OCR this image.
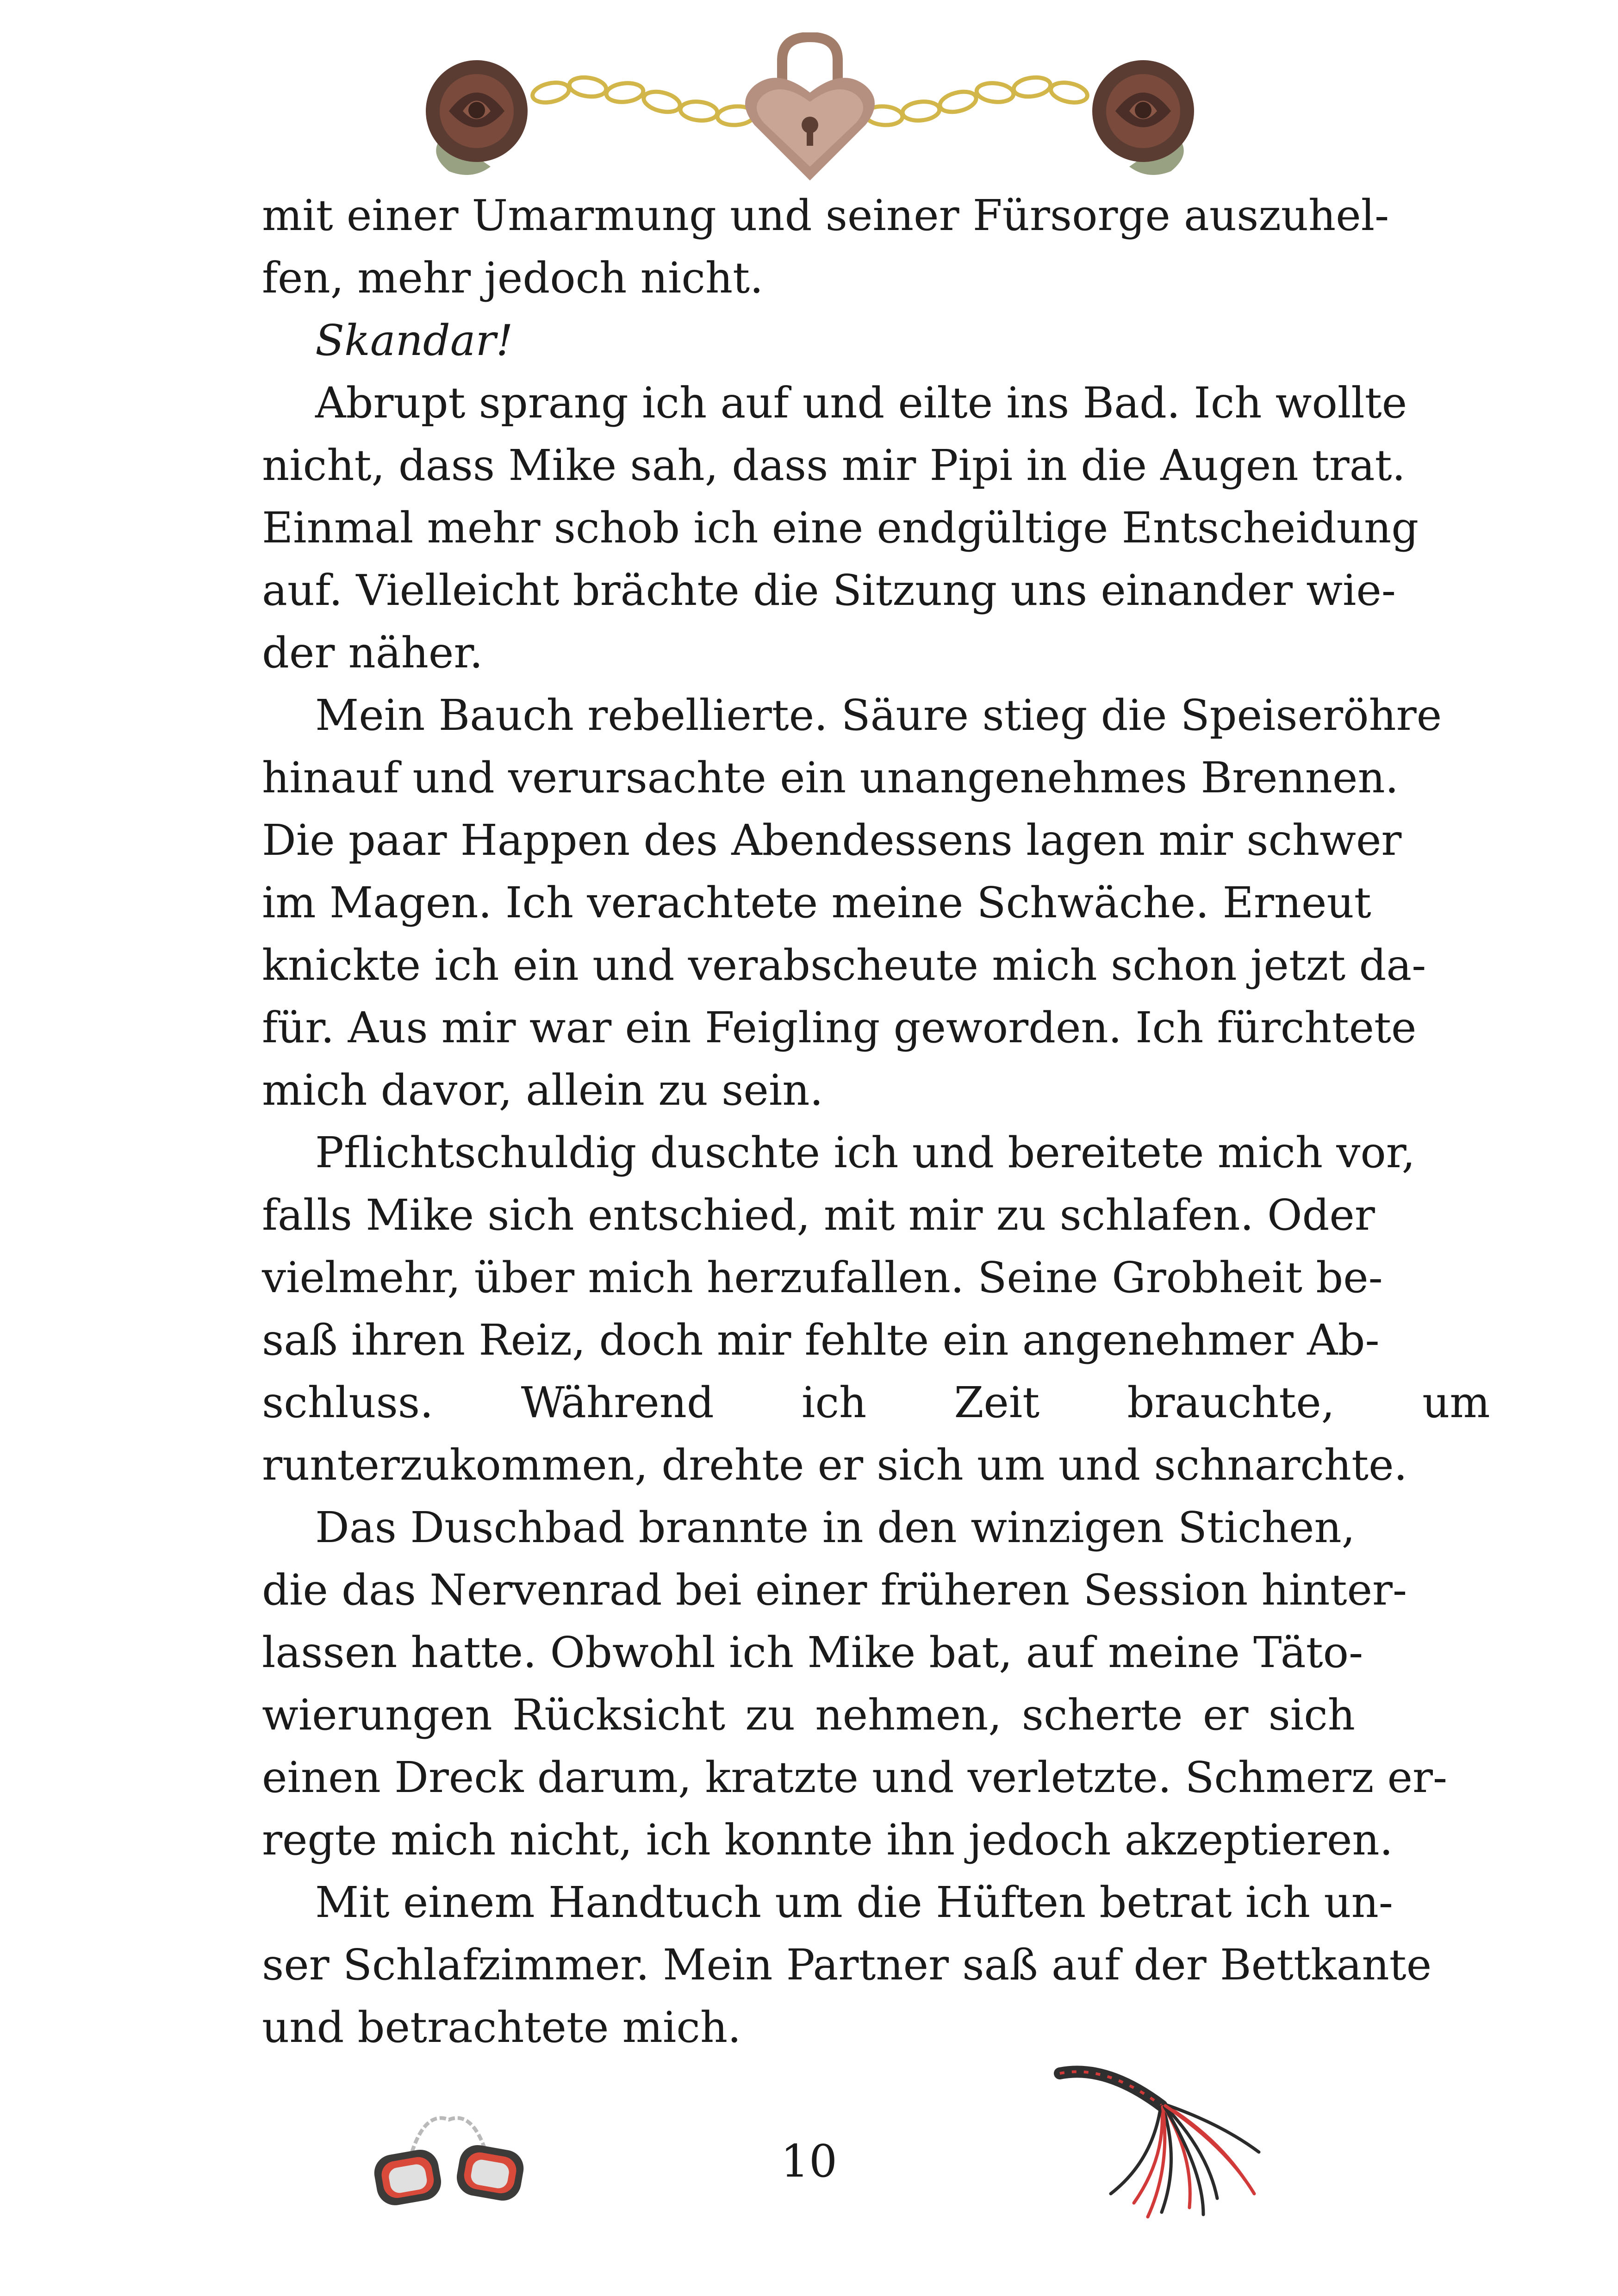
mit einer Umarmung und seiner Fürsorge auszuhel-
fen, mehr jedoch nicht.
Skandar!
Abrupt sprang ich auf und eilte ins Bad. Ich wollte
nicht, dass Mike sah, dass mir Pipi in die Augen trat.
Einmal mehr schob ich eine endgültige Entscheidung
auf. Vielleicht brächte die Sitzung uns einander wie-
der näher.
Mein Bauch rebellierte. Säure stieg die Speiseröhre
hinauf und verursachte ein unangenehmes Brennen.
Die paar Happen des Abendessens lagen mir schwer
im Magen. Ich verachtete meine Schwäche. Erneut
knickte ich ein und verabscheute mich schon jetzt da-
für. Aus mir war ein Feigling geworden. Ich fürchtete
mich davor, allein zu sein.
Pflichtschuldig duschte ich und bereitete mich vor,
falls Mike sich entschied, mit mir zu schlafen. Oder
vielmehr, über mich herzufallen. Seine Grobheit be-
saß ihren Reiz, doch mir fehlte ein angenehmer Ab-
schluss. Während ich Zeit brauchte, um
runterzukommen, drehte er sich um und schnarchte.
Das Duschbad brannte in den winzigen Stichen,
die das Nervenrad bei einer früheren Session hinter-
lassen hatte. Obwohl ich Mike bat, auf meine Täto-
wierungen Rücksicht zu nehmen, scherte er sich
einen Dreck darum, kratzte und verletzte. Schmerz er-
regte mich nicht, ich konnte ihn jedoch akzeptieren.
Mit einem Handtuch um die Hüften betrat ich un-
ser Schlafzimmer. Mein Partner saß auf der Bettkante
und betrachtete mich.
10
